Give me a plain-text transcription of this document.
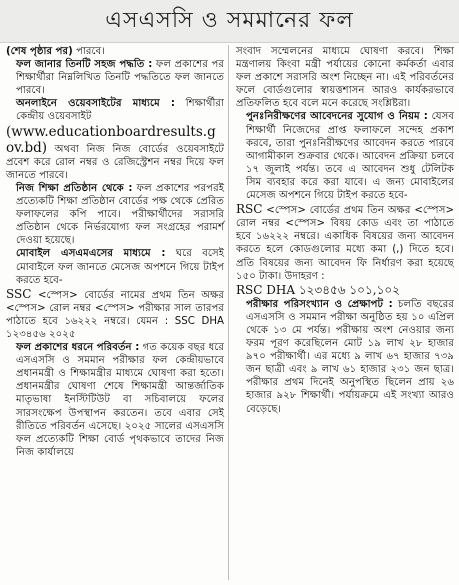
এসএসসি ও সমমানের ফল

(শেষ পৃষ্ঠার পর) পারবে।

ফল জানার তিনটি সহজ পদ্ধতি : ফল প্রকাশের পর শিক্ষার্থীরা নিম্নলিখিত তিনটি পদ্ধতিতে ফল জানতে পারবে।

অনলাইনে ওয়েবসাইটের মাধ্যমে : শিক্ষার্থীরা কেন্দ্রীয় ওয়েবসাইট

(www.educationboardresults.g ov.bd) অথবা নিজ নিজ বোর্ডের ওয়েবসাইটে প্রবেশ করে রোল নম্বর ও রেজিস্ট্রেশন নম্বর দিয়ে ফল জানতে পারবে।

নিজ শিক্ষা প্রতিষ্ঠান থেকে : ফল প্রকাশের পরপরই প্রত্যেকটি শিক্ষা প্রতিষ্ঠান বোর্ডের পক্ষ থেকে প্রেরিত ফলাফলের কপি পাবে। পরীক্ষার্থীদের সরাসরি প্রতিষ্ঠান থেকে নির্ভরযোগ্য ফল সংগ্রহের পরামর্শ দেওয়া হয়েছে।

মোবাইল এসএমএসের মাধ্যমে : ঘরে বসেই মোবাইলে ফল জানতে মেসেজ অপশনে গিয়ে টাইপ করতে হবে-

SSC <স্পেস> বোর্ডের নামের প্রথম তিন অক্ষর <স্পেস> রোল নম্বর <স্পেস> পরীক্ষার সাল তারপর পাঠাতে হবে ১৬২২২ নম্বরে। যেমন : SSC DHA ১২৩৪৫৬ ২০২৫

ফল প্রকাশের ধরনে পরিবর্তন : গত কয়েক বছর ধরে এসএসসি ও সমমান পরীক্ষার ফল কেন্দ্রীয়ভাবে প্রধানমন্ত্রী ও শিক্ষামন্ত্রীর মাধ্যমে ঘোষণা করা হতো। প্রধানমন্ত্রীর ঘোষণা শেষে শিক্ষামন্ত্রী আন্তর্জাতিক মাতৃভাষা ইনস্টিটিউট বা সচিবালয়ে ফলের সারসংক্ষেপ উপস্থাপন করতেন। তবে এবার সেই রীতিতে পরিবর্তন এসেছে। ২০২৫ সালের এসএসসি ফল প্রত্যেকটি শিক্ষা বোর্ড পৃথকভাবে তাদের নিজ নিজ কার্যালয়ে

সংবাদ সম্মেলনের মাধ্যমে ঘোষণা করবে। শিক্ষা মন্ত্রণালয় কিংবা মন্ত্রী পর্যায়ের কোনো কর্মকর্তা এবার ফল প্রকাশে সরাসরি অংশ নিচ্ছেন না। এই পরিবর্তনের ফলে বোর্ডগুলোর স্বায়ত্তশাসন আরও কার্যকরভাবে প্রতিফলিত হবে বলে মনে করেছে সংশ্লিষ্টরা।

পুনঃনিরীক্ষণের আবেদনের সুযোগ ও নিয়ম : যেসব শিক্ষার্থী নিজেদের প্রাপ্ত ফলাফলে সন্দেহ প্রকাশ করবে, তারা পুনঃনিরীক্ষণের আবেদন করতে পারবে আগামীকাল শুক্রবার থেকে। আবেদন প্রক্রিয়া চলবে ১৭ জুলাই পর্যন্ত। তবে এ আবেদন শুধু টেলিটক সিম ব্যবহার করে করা যাবে। এ জন্য মোবাইলের মেসেজ অপশনে গিয়ে টাইপ করতে হবে-

RSC <স্পেস> বোর্ডের প্রথম তিন অক্ষর <স্পেস> রোল নম্বর <স্পেস> বিষয় কোড এবং তা পাঠাতে হবে ১৬২২২ নম্বরে। একাধিক বিষয়ের জন্য আবেদন করতে হলে কোডগুলোর মধ্যে কমা (,) দিতে হবে। প্রতি বিষয়ের জন্য আবেদন ফি নির্ধারণ করা হয়েছে ১৫০ টাকা। উদাহরণ :

RSC DHA ১২৩৪৫৬ ১০১,১০২

পরীক্ষার পরিসংখ্যান ও প্রেক্ষাপট : চলতি বছরের এসএসসি ও সমমান পরীক্ষা অনুষ্ঠিত হয় ১০ এপ্রিল থেকে ১৩ মে পর্যন্ত। পরীক্ষায় অংশ নেওয়ার জন্য ফরম পূরণ করেছিলেন মোট ১৯ লাখ ২৮ হাজার ৯৭০ পরীক্ষার্থী। এর মধ্যে ৯ লাখ ৬৭ হাজার ৭৩৯ জন ছাত্রী এবং ৯ লাখ ৬১ হাজার ২৩১ জন ছাত্র। পরীক্ষার প্রথম দিনেই অনুপস্থিত ছিলেন প্রায় ২৬ হাজার ৯২৮ শিক্ষার্থী। পর্যায়ক্রমে এই সংখ্যা আরও বেড়েছে।
